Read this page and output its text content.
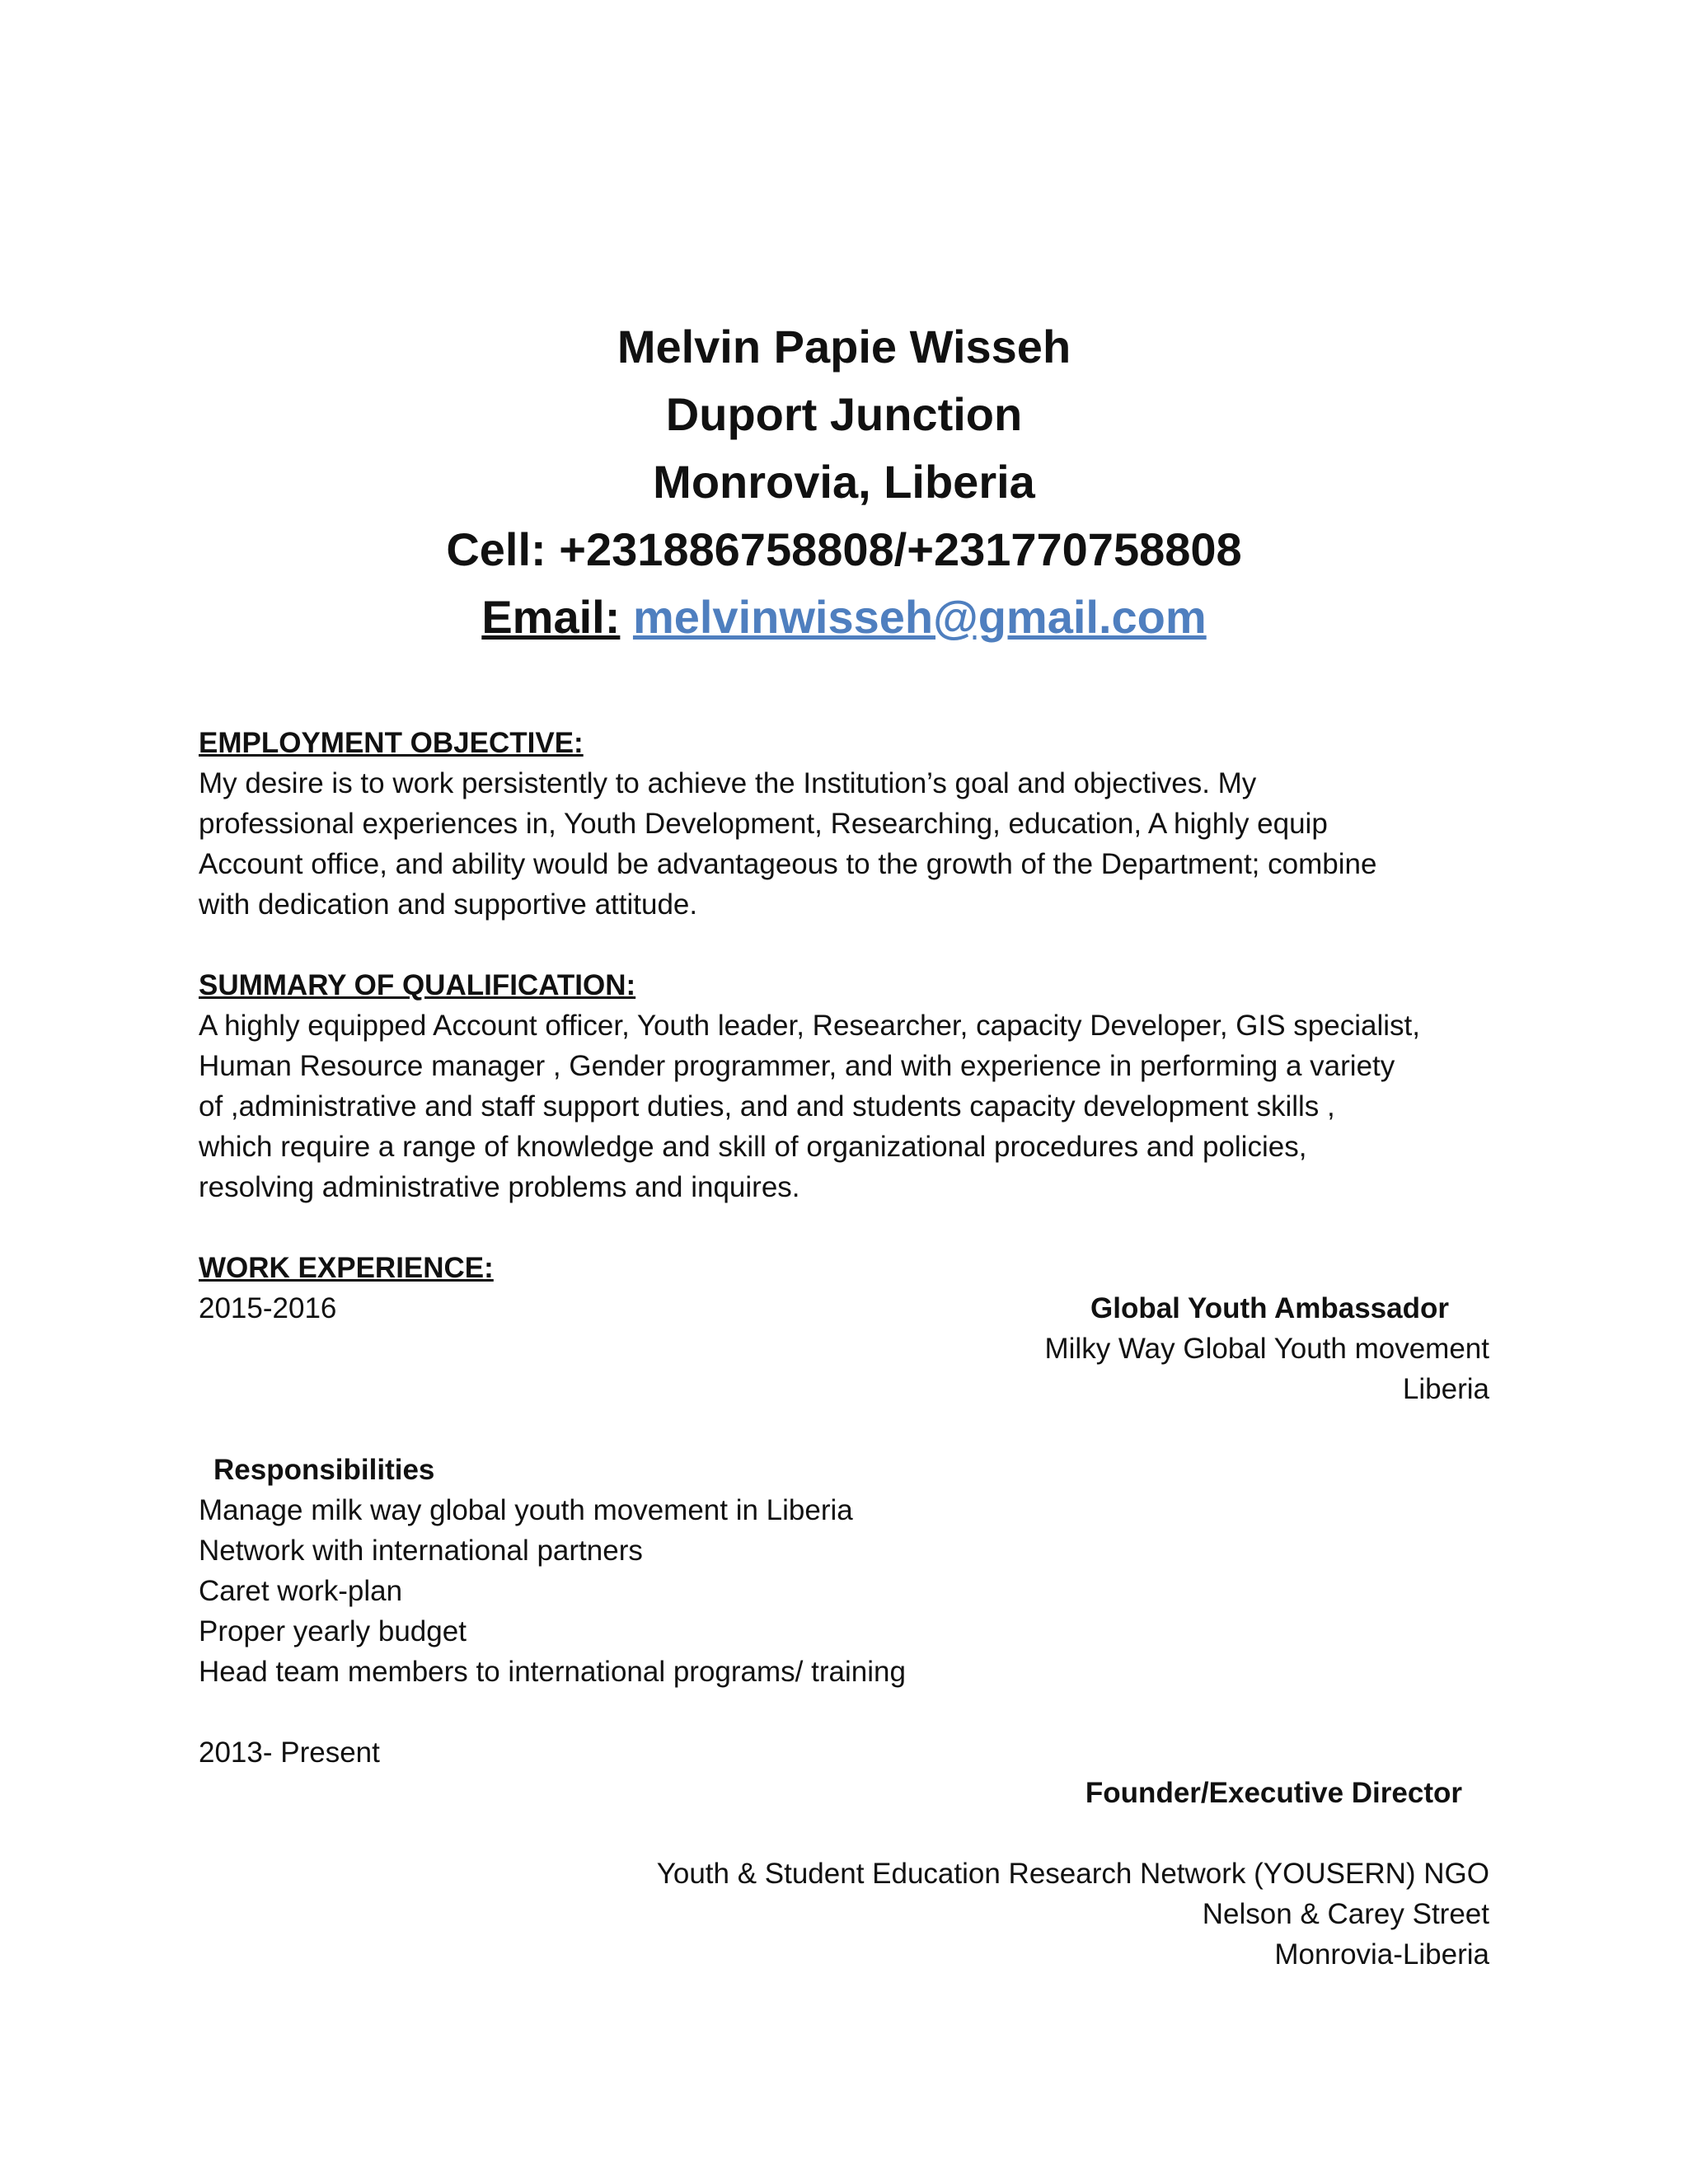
Melvin Papie Wisseh
Duport Junction
Monrovia, Liberia
Cell: +231886758808/+231770758808
Email: melvinwisseh@gmail.com

EMPLOYMENT OBJECTIVE:

My desire is to work persistently to achieve the Institution’s goal and objectives. My

professional experiences in, Youth Development, Researching, education, A highly equip

Account office, and ability would be advantageous to the growth of the Department; combine

with dedication and supportive attitude.

SUMMARY OF QUALIFICATION:

A highly equipped Account officer, Youth leader, Researcher, capacity Developer, GIS specialist,

Human Resource manager , Gender programmer, and with experience in performing a variety

of ,administrative and staff support duties, and and students capacity development skills ,

which require a range of knowledge and skill of organizational procedures and policies,

resolving administrative problems and inquires.

WORK EXPERIENCE:

2015-2016	Global Youth Ambassador
Milky Way Global Youth movement
Liberia

Responsibilities

Manage milk way global youth movement in Liberia

Network with international partners

Caret work-plan

Proper yearly budget

Head team members to international programs/ training

2013- Present
Founder/Executive Director
Youth & Student Education Research Network (YOUSERN) NGO
Nelson & Carey Street
Monrovia-Liberia
